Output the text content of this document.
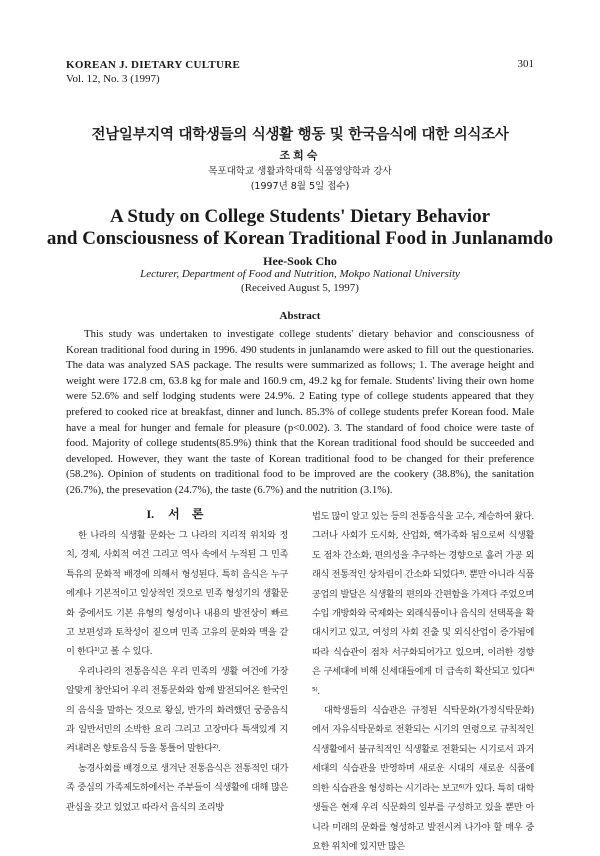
KOREAN J. DIETARY CULTURE
Vol. 12, No. 3 (1997)
301
전남일부지역 대학생들의 식생활 행동 및 한국음식에 대한 의식조사
조희숙
목포대학교 생활과학대학 식품영양학과 강사
(1997년 8월 5일 접수)
A Study on College Students' Dietary Behavior
and Consciousness of Korean Traditional Food in Junlanamdo
Hee-Sook Cho
Lecturer, Department of Food and Nutrition, Mokpo National University
(Received August 5, 1997)
Abstract

This study was undertaken to investigate college students' dietary behavior and consciousness of Korean traditional food during in 1996. 490 students in junlanamdo were asked to fill out the questionaries. The data was analyzed SAS package. The results were summarized as follows; 1. The average height and weight were 172.8 cm, 63.8 kg for male and 160.9 cm, 49.2 kg for female. Students' living their own home were 52.6% and self lodging students were 24.9%. 2 Eating type of college students appeared that they prefered to cooked rice at breakfast, dinner and lunch. 85.3% of college students prefer Korean food. Male have a meal for hunger and female for pleasure (p<0.002). 3. The standard of food choice were taste of food. Majority of college students(85.9%) think that the Korean traditional food should be succeeded and developed. However, they want the taste of Korean traditional food to be changed for their preference (58.2%). Opinion of students on traditional food to be improved are the cookery (38.8%), the sanitation (26.7%), the presevation (24.7%), the taste (6.7%) and the nutrition (3.1%).

I. 서 론

한 나라의 식생활 문화는 그 나라의 지리적 위치와 정치, 경제, 사회적 여건 그리고 역사 속에서 누적된 그 민족 특유의 문화적 배경에 의해서 형성된다. 특히 음식은 누구에게나 기본적이고 일상적인 것으로 민족 형성기의 생활문화 중에서도 기본 유형의 형성이나 내용의 발전상이 빠르고 보편성과 토착성이 짙으며 민족 고유의 문화와 맥을 같이 한다¹⁾고 볼 수 있다.

우리나라의 전통음식은 우리 민족의 생활 여건에 가장 알맞게 창안되어 우리 전통문화와 함께 발전되어온 한국인의 음식을 말하는 것으로 왕실, 반가의 화려했던 궁중음식과 일반서민의 소박한 요리 그리고 고장마다 특색있게 지켜내려온 향토음식 등을 통틀어 말한다²⁾.

농경사회를 배경으로 생겨난 전통음식은 전통적인 대가족 중심의 가족제도하에서는 주부들이 식생활에 대해 많은 관심을 갖고 있었고 따라서 음식의 조리방

법도 많이 알고 있는 등의 전통음식을 고수, 계승하여 왔다. 그러나 사회가 도시화, 산업화, 핵가족화 됨으로써 식생활도 점차 간소화, 편의성을 추구하는 경향으로 흘러 가공 외래식 전통적인 상차림이 간소화 되었다³⁾. 뿐만 아니라 식품공업의 발달은 식생활의 편의와 간편함을 가져다 주었으며 수입 개방화와 국제화는 외래식품이나 음식의 선택폭을 확대시키고 있고, 여성의 사회 진출 및 외식산업이 증가됨에 따라 식습관이 점차 서구화되어가고 있으며, 이러한 경향은 구세대에 비해 신세대들에게 더 급속히 확산되고 있다⁴⁾⁵⁾.

대학생들의 식습관은 규정된 식탁문화(가정식탁문화)에서 자유식탁문화로 전환되는 시기의 연령으로 규칙적인 식생활에서 불규칙적인 식생활로 전환되는 시기로서 과거세대의 식습관을 반영하며 새로운 시대의 새로운 식품에 의한 식습관을 형성하는 시기라는 보고⁶⁾가 있다. 특히 대학생들은 현재 우리 식문화의 일부를 구성하고 있을 뿐만 아니라 미래의 문화를 형성하고 발전시켜 나가야 할 매우 중요한 위치에 있지만 많은
